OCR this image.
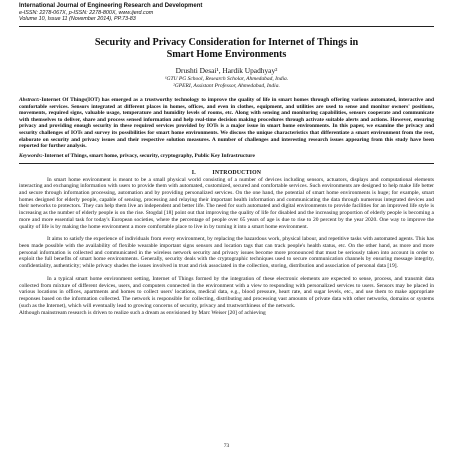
International Journal of Engineering Research and Development
e-ISSN: 2278-067X, p-ISSN: 2278-800X, www.ijerd.com
Volume 10, Issue 11 (November 2014), PP.73-83
Security and Privacy Consideration for Internet of Things in
Smart Home Environments
Drushti Desai¹, Hardik Upadhyay²
¹GTU PG School, Research Scholar, Ahmedabad, India.
²GPERI, Assistant Professor, Ahmedabad, India.
Abstract:-Internet Of Things(IOT) has emerged as a trustworthy technology to improve the quality of life in smart homes through offering various automated, interactive and comfortable services. Sensors integrated at different places in homes, offices, and even in clothes, equipment, and utilities are used to sense and monitor owners' positions, movements, required signs, valuable usage, temperature and humidity levels of rooms, etc. Along with sensing and monitoring capabilities, sensors cooperate and communicate with themselves to deliver, share and process sensed information and help real-time decision making procedures through activate suitable alerts and actions. However, ensuring privacy and providing enough security in these required services provided by IOTs is a major issue in smart home environments. In this paper, we examine the privacy and security challenges of IOTs and survey its possibilities for smart home environments. We discuss the unique characteristics that differentiate a smart environment from the rest, elaborate on security and privacy issues and their respective solution measures. A number of challenges and interesting research issues appearing from this study have been reported for further analysis.
Keywords:-Internet of Things, smart home, privacy, security, cryptography, Public Key Infrastructure
I.          INTRODUCTION

In smart home environment is meant to be a small physical world consisting of a number of devices including sensors, actuators, displays and computational elements interacting and exchanging information with users to provide them with automated, customized, secured and comfortable services. Such environments are designed to help make life better and secure through information processing, automation and by providing personalized services. On the one hand, the potential of smart home environments is huge; for example, smart homes designed for elderly people, capable of sensing, processing and relaying their important health information and communicating the data through numerous integrated devices and their networks to protectors. They can help them live an independent and better life. The need for such automated and digital environments to provide facilities for an improved life style is increasing as the number of elderly people is on the rise. Stogdal [18] point out that improving the quality of life for disabled and the increasing proportion of elderly people is becoming a more and more essential task for today's European societies, where the percentage of people over 65 years of age is due to rise to 20 percent by the year 2020. One way to improve the quality of life is by making the home environment a more comfortable place to live in by turning it into a smart home environment.

It aims to satisfy the experience of individuals from every environment, by replacing the hazardous work, physical labour, and repetitive tasks with automated agents. This has been made possible with the availability of flexible wearable important signs sensors and location tags that can track people's health status, etc. On the other hand, as more and more personal information is collected and communicated in the wireless network security and privacy issues become more pronounced that must be seriously taken into account in order to exploit the full benefits of smart home environments. Generally, security deals with the cryptographic techniques used to secure communication channels by ensuring message integrity, confidentiality, authenticity; while privacy shades the issues involved in trust and risk associated in the collection, storing, distribution and association of personal data [19].

In a typical smart home environment setting, Internet of Things formed by the integration of these electronic elements are expected to sense, process, and transmit data collected from mixture of different devices, users, and computers connected in the environment with a view to responding with personalized services to users. Sensors may be placed in various locations in offices, apartments and homes to collect users' locations, medical data, e.g., blood pressure, heart rate, and sugar levels, etc., and use them to make appropriate responses based on the information collected. The network is responsible for collecting, distributing and processing vast amounts of private data with other networks, domains or systems (such as the Internet), which will eventually lead to growing concerns of security, privacy and trustworthiness of the network.

Although mainstream research is driven to realize such a dream as envisioned by Marc Weiser [20] of achieving

73
